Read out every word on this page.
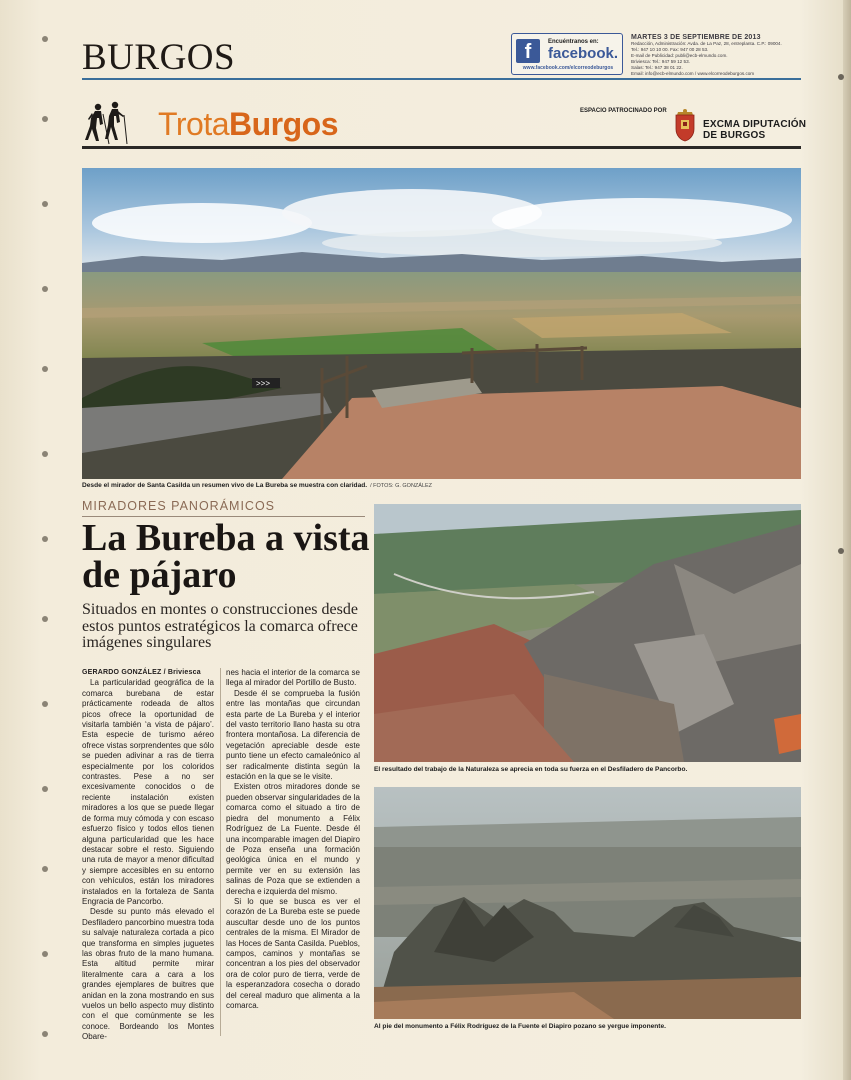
BURGOS	f	Encuéntranos en:
facebook.
www.facebook.com/elcorreodeburgos
MARTES 3 DE SEPTIEMBRE DE 2013
Redacción, Administración: Avda. de La Paz, 28, entreplanta. C.P.: 09004.
Tel.: 947 10 10 00. Fax: 947 00 28 53.
E-mail de Publicidad: publi@ecb-elmundo.com.
Briviesca: Tel.: 947 59 12 53.
Salas: Tel.: 947 38 01 22.
Email: info@ecb-elmundo.com / www.elcorreodeburgos.com
TrotaBurgos	ESPACIO PATROCINADO POR
EXCMA DIPUTACIÓN
DE BURGOS
>>>
Desde el mirador de Santa Casilda un resumen vivo de La Bureba se muestra con claridad. / FOTOS: G. GONZÁLEZ
MIRADORES PANORÁMICOS
La Bureba a vista de pájaro
Situados en montes o construcciones desde estos puntos estratégicos la comarca ofrece imágenes singulares
El resultado del trabajo de la Naturaleza se aprecia en toda su fuerza en el Desfiladero de Pancorbo.
Al pie del monumento a Félix Rodríguez de la Fuente el Diapiro pozano se yergue imponente.

GERARDO GONZÁLEZ / Briviesca

La particularidad geográfica de la comarca burebana de estar prácticamente rodeada de altos picos ofrece la oportunidad de visitarla también ‘a vista de pájaro’. Esta especie de turismo aéreo ofrece vistas sorprendentes que sólo se pueden adivinar a ras de tierra especialmente por los coloridos contrastes. Pese a no ser excesivamente conocidos o de reciente instalación existen miradores a los que se puede llegar de forma muy cómoda y con escaso esfuerzo físico y todos ellos tienen alguna particularidad que les hace destacar sobre el resto. Siguiendo una ruta de mayor a menor dificultad y siempre accesibles en su entorno con vehículos, están los miradores instalados en la fortaleza de Santa Engracia de Pancorbo.

Desde su punto más elevado el Desfiladero pancorbino muestra toda su salvaje naturaleza cortada a pico que transforma en simples juguetes las obras fruto de la mano humana. Esta altitud permite mirar literalmente cara a cara a los grandes ejemplares de buitres que anidan en la zona mostrando en sus vuelos un bello aspecto muy distinto con el que comúnmente se les conoce. Bordeando los Montes Obare-

nes hacia el interior de la comarca se llega al mirador del Portillo de Busto.

Desde él se comprueba la fusión entre las montañas que circundan esta parte de La Bureba y el interior del vasto territorio llano hasta su otra frontera montañosa. La diferencia de vegetación apreciable desde este punto tiene un efecto camaleónico al ser radicalmente distinta según la estación en la que se le visite.

Existen otros miradores donde se pueden observar singularidades de la comarca como el situado a tiro de piedra del monumento a Félix Rodríguez de La Fuente. Desde él una incomparable imagen del Diapiro de Poza enseña una formación geológica única en el mundo y permite ver en su extensión las salinas de Poza que se extienden a derecha e izquierda del mismo.

Si lo que se busca es ver el corazón de La Bureba este se puede auscultar desde uno de los puntos centrales de la misma. El Mirador de las Hoces de Santa Casilda. Pueblos, campos, caminos y montañas se concentran a los pies del observador ora de color puro de tierra, verde de la esperanzadora cosecha o dorado del cereal maduro que alimenta a la comarca.
